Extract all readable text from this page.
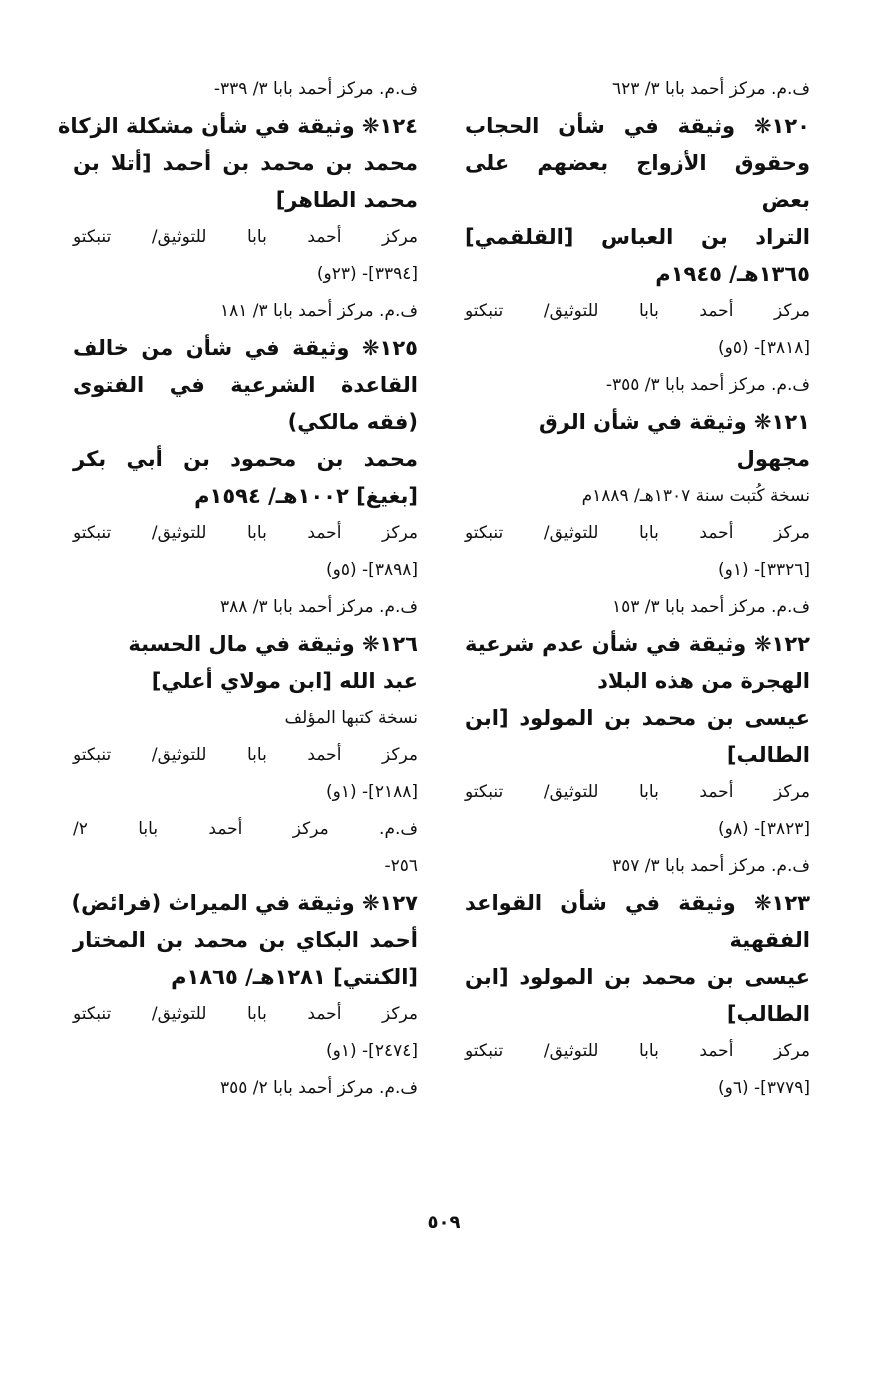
ف.م. مركز أحمد بابا ٣/ ٦٢٣
١٢٠❋ وثيقة في شأن الحجاب
وحقوق الأزواج بعضهم على
بعض
التراد بن العباس [القلقمي]
١٣٦٥هـ/ ١٩٤٥م
مركز أحمد بابا للتوثيق/ تنبكتو
[٣٨١٨]- (٥و)
ف.م. مركز أحمد بابا ٣/ ٣٥٥-
١٢١❋ وثيقة في شأن الرق
مجهول
نسخة كُتبت سنة ١٣٠٧هـ/ ١٨٨٩م
مركز أحمد بابا للتوثيق/ تنبكتو
[٣٣٢٦]- (١و)
ف.م. مركز أحمد بابا ٣/ ١٥٣
١٢٢❋ وثيقة في شأن عدم شرعية
الهجرة من هذه البلاد
عيسى بن محمد بن المولود [ابن
الطالب]
مركز أحمد بابا للتوثيق/ تنبكتو
[٣٨٢٣]- (٨و)
ف.م. مركز أحمد بابا ٣/ ٣٥٧
١٢٣❋ وثيقة في شأن القواعد
الفقهية
عيسى بن محمد بن المولود [ابن
الطالب]
مركز أحمد بابا للتوثيق/ تنبكتو
[٣٧٧٩]- (٦و)
ف.م. مركز أحمد بابا ٣/ ٣٣٩-
١٢٤❋ وثيقة في شأن مشكلة الزكاة
محمد بن محمد بن أحمد [أتلا بن
محمد الطاهر]
مركز أحمد بابا للتوثيق/ تنبكتو
[٣٣٩٤]- (٢٣و)
ف.م. مركز أحمد بابا ٣/ ١٨١
١٢٥❋ وثيقة في شأن من خالف
القاعدة الشرعية في الفتوى
(فقه مالكي)
محمد بن محمود بن أبي بكر
[بغيغ] ١٠٠٢هـ/ ١٥٩٤م
مركز أحمد بابا للتوثيق/ تنبكتو
[٣٨٩٨]- (٥و)
ف.م. مركز أحمد بابا ٣/ ٣٨٨
١٢٦❋ وثيقة في مال الحسبة
عبد الله [ابن مولاي أعلي]
نسخة كتبها المؤلف
مركز أحمد بابا للتوثيق/ تنبكتو
[٢١٨٨]- (١و)
ف.م. مركز أحمد بابا ٢/
٢٥٦-
١٢٧❋ وثيقة في الميراث (فرائض)
أحمد البكاي بن محمد بن المختار
[الكنتي] ١٢٨١هـ/ ١٨٦٥م
مركز أحمد بابا للتوثيق/ تنبكتو
[٢٤٧٤]- (١و)
ف.م. مركز أحمد بابا ٢/ ٣٥٥
٥٠٩
